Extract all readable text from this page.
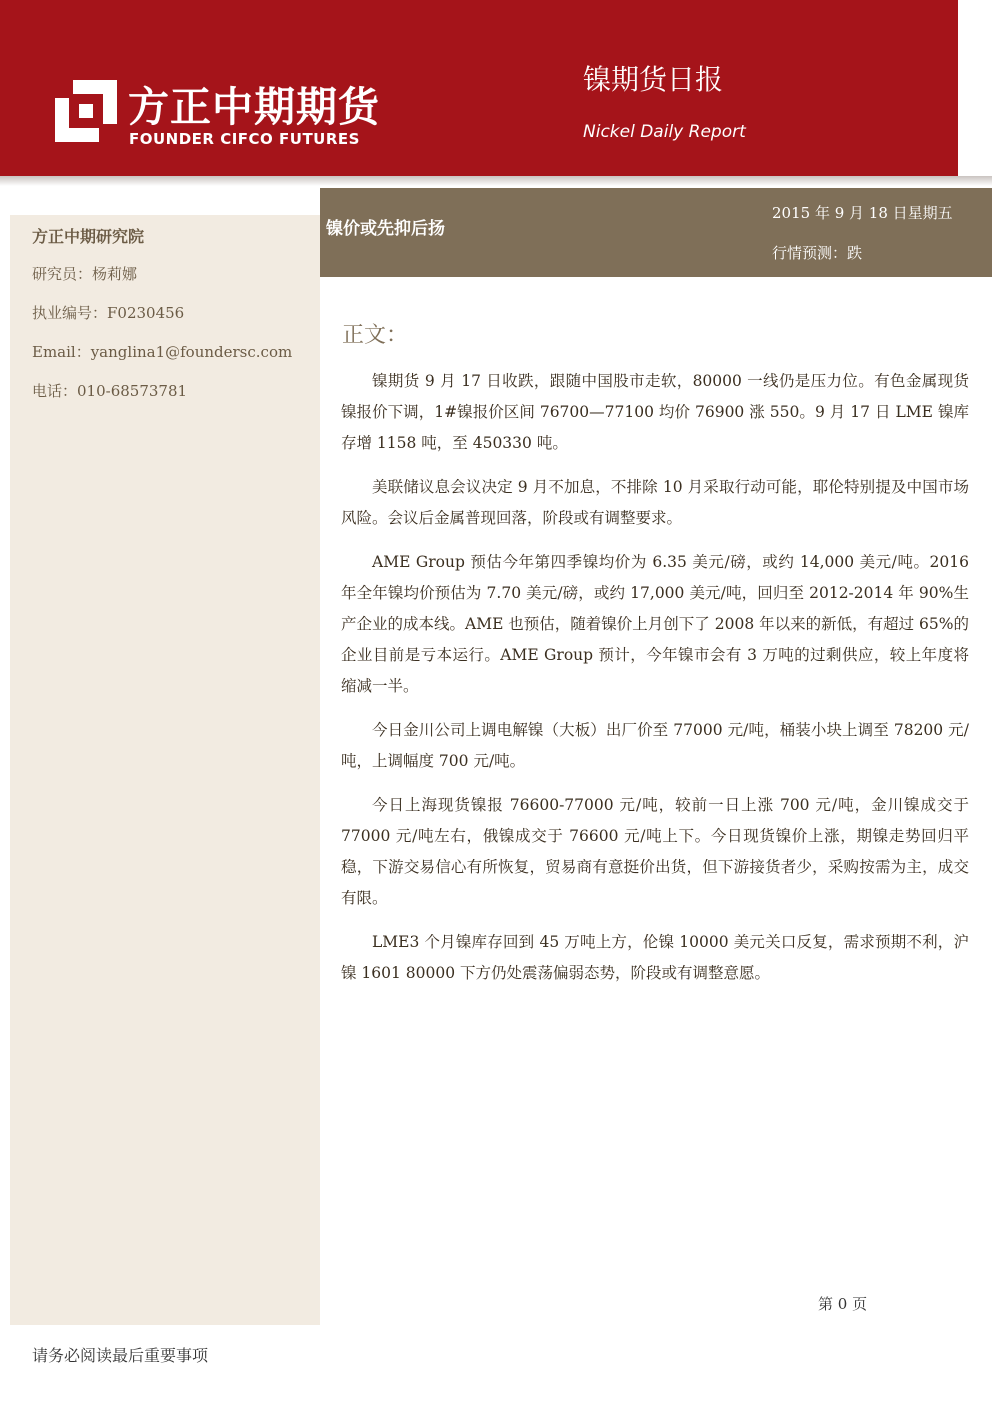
方正中期期货
FOUNDER CIFCO FUTURES
镍期货日报
Nickel Daily Report
方正中期研究院
研究员：杨莉娜
执业编号：F0230456
Email：yanglina1@foundersc.com
电话：010-68573781
镍价或先抑后扬
2015 年 9 月 18 日星期五
行情预测：跌
正文：

镍期货 9 月 17 日收跌，跟随中国股市走软，80000 一线仍是压力位。有色金属现货镍报价下调，1#镍报价区间 76700—77100 均价 76900 涨 550。9 月 17 日 LME 镍库存增 1158 吨，至 450330 吨。

美联储议息会议决定 9 月不加息，不排除 10 月采取行动可能，耶伦特别提及中国市场风险。会议后金属普现回落，阶段或有调整要求。

AME Group 预估今年第四季镍均价为 6.35 美元/磅，或约 14,000 美元/吨。2016 年全年镍均价预估为 7.70 美元/磅，或约 17,000 美元/吨，回归至 2012-2014 年 90%生产企业的成本线。AME 也预估，随着镍价上月创下了 2008 年以来的新低，有超过 65%的企业目前是亏本运行。AME Group 预计，今年镍市会有 3 万吨的过剩供应，较上年度将缩减一半。

今日金川公司上调电解镍（大板）出厂价至 77000 元/吨，桶装小块上调至 78200 元/吨，上调幅度 700 元/吨。

今日上海现货镍报 76600-77000 元/吨，较前一日上涨 700 元/吨，金川镍成交于 77000 元/吨左右，俄镍成交于 76600 元/吨上下。今日现货镍价上涨，期镍走势回归平稳，下游交易信心有所恢复，贸易商有意挺价出货，但下游接货者少，采购按需为主，成交有限。

LME3 个月镍库存回到 45 万吨上方，伦镍 10000 美元关口反复，需求预期不利，沪镍 1601 80000 下方仍处震荡偏弱态势，阶段或有调整意愿。

第 0 页
请务必阅读最后重要事项
